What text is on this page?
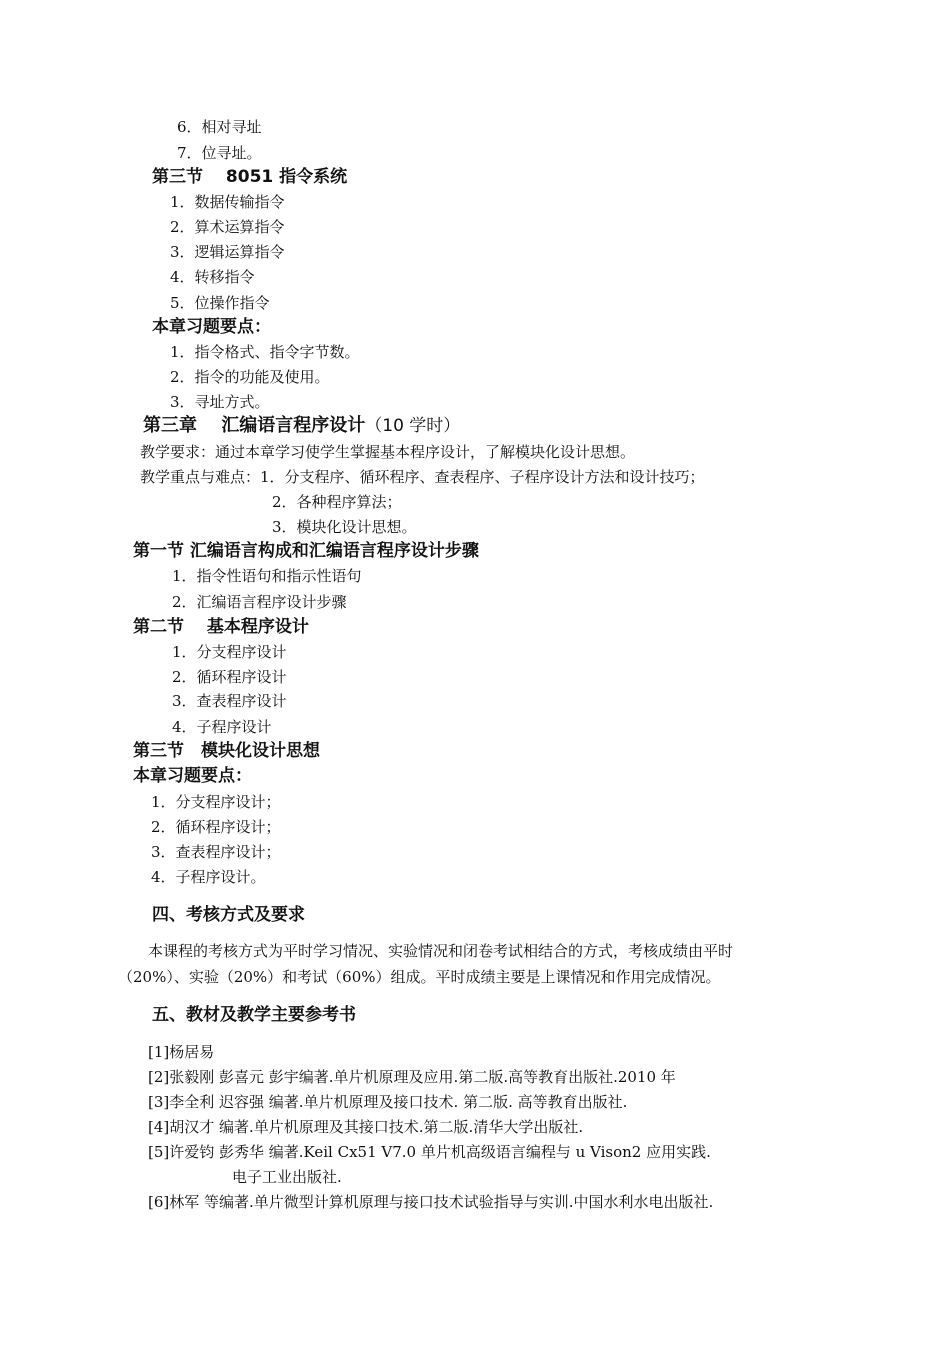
6．相对寻址
7．位寻址。
第三节　 8051 指令系统
1．数据传输指令
2．算术运算指令
3．逻辑运算指令
4．转移指令
5．位操作指令
本章习题要点：
1．指令格式、指令字节数。
2．指令的功能及使用。
3．寻址方式。
第三章　 汇编语言程序设计（10 学时）
教学要求：通过本章学习使学生掌握基本程序设计，了解模块化设计思想。
教学重点与难点：1．分支程序、循环程序、查表程序、子程序设计方法和设计技巧；
2．各种程序算法；
3．模块化设计思想。
第一节 汇编语言构成和汇编语言程序设计步骤
1．指令性语句和指示性语句
2．汇编语言程序设计步骤
第二节　 基本程序设计
1．分支程序设计
2．循环程序设计
3．查表程序设计
4．子程序设计
第三节　模块化设计思想
本章习题要点：
1．分支程序设计；
2．循环程序设计；
3．查表程序设计；
4．子程序设计。
四、考核方式及要求
本课程的考核方式为平时学习情况、实验情况和闭卷考试相结合的方式，考核成绩由平时
（20%）、实验（20%）和考试（60%）组成。平时成绩主要是上课情况和作用完成情况。
五、教材及教学主要参考书
[1]杨居易
[2]张毅刚 彭喜元 彭宇编著.单片机原理及应用.第二版.高等教育出版社.2010 年
[3]李全利 迟容强 编著.单片机原理及接口技术. 第二版. 高等教育出版社.
[4]胡汉才 编著.单片机原理及其接口技术.第二版.清华大学出版社.
[5]许爱钧 彭秀华 编著.Keil Cx51 V7.0 单片机高级语言编程与 u Vison2 应用实践.
电子工业出版社.
[6]林军 等编著.单片微型计算机原理与接口技术试验指导与实训.中国水利水电出版社.
